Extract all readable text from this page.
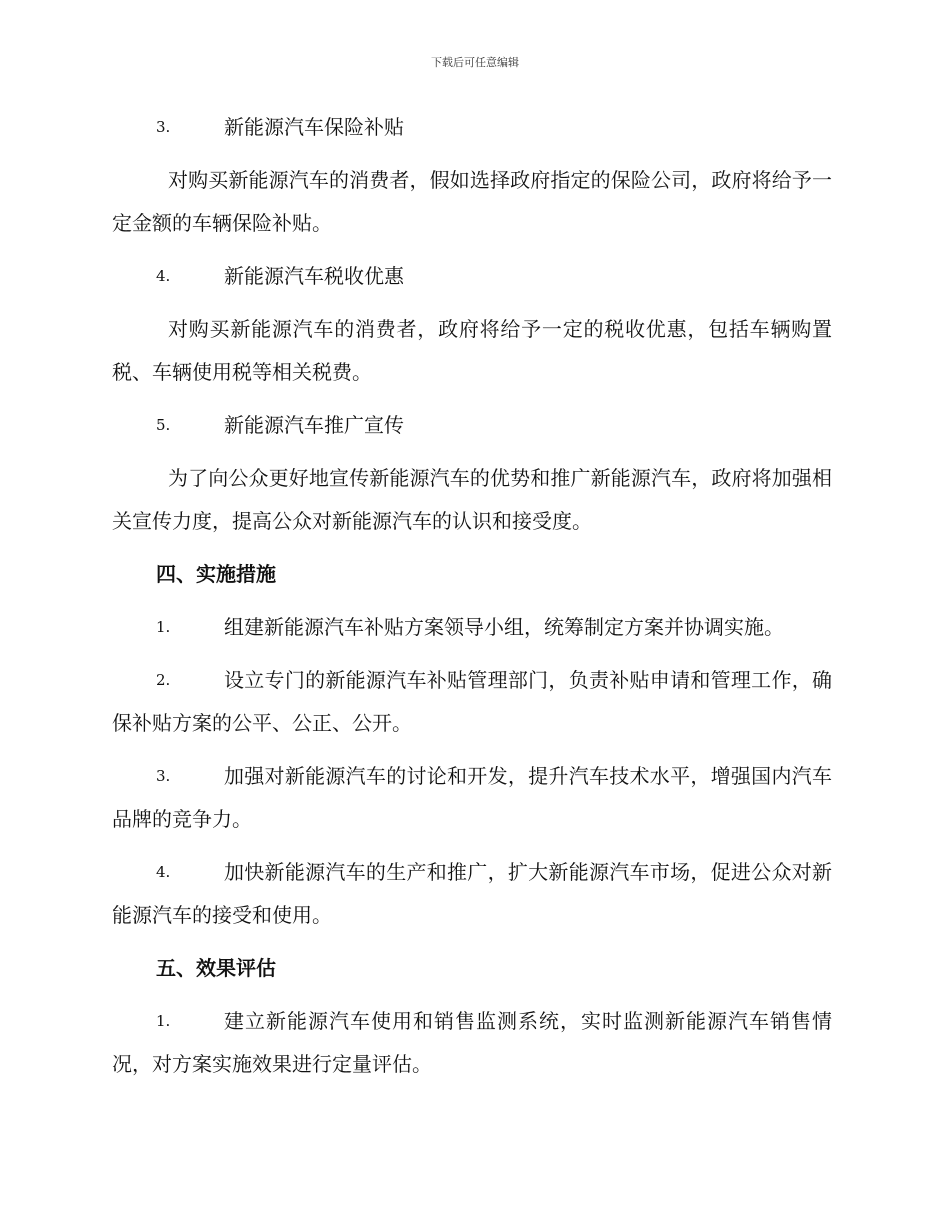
下载后可任意编辑
3.	新能源汽车保险补贴

对购买新能源汽车的消费者，假如选择政府指定的保险公司，政府将给予一定金额的车辆保险补贴。

4.	新能源汽车税收优惠

对购买新能源汽车的消费者，政府将给予一定的税收优惠，包括车辆购置税、车辆使用税等相关税费。

5.	新能源汽车推广宣传

为了向公众更好地宣传新能源汽车的优势和推广新能源汽车，政府将加强相关宣传力度，提高公众对新能源汽车的认识和接受度。

四、实施措施
1.	组建新能源汽车补贴方案领导小组，统筹制定方案并协调实施。
2.	设立专门的新能源汽车补贴管理部门，负责补贴申请和管理工作，确保补贴方案的公平、公正、公开。
3.	加强对新能源汽车的讨论和开发，提升汽车技术水平，增强国内汽车品牌的竞争力。
4.	加快新能源汽车的生产和推广，扩大新能源汽车市场，促进公众对新能源汽车的接受和使用。
五、效果评估
1.	建立新能源汽车使用和销售监测系统，实时监测新能源汽车销售情况，对方案实施效果进行定量评估。
